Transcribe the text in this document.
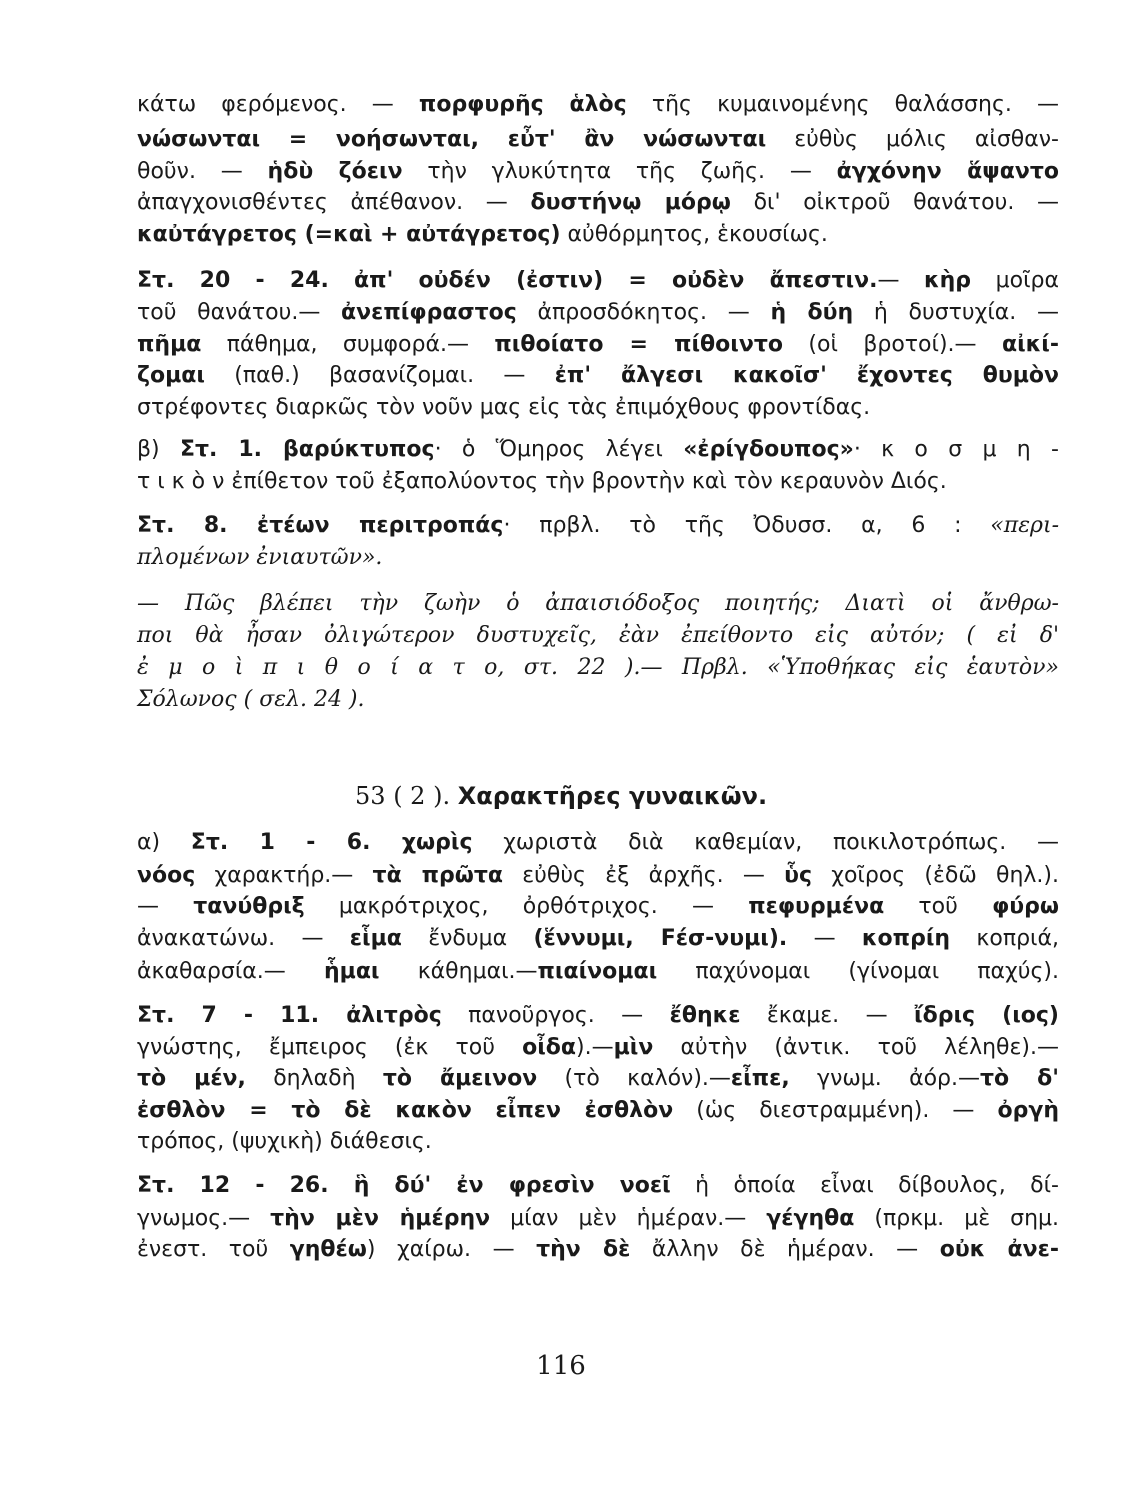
κάτω φερόμενος. — πορφυρῆς ἁλὸς τῆς κυμαινομένης θαλάσσης. —
νώσωνται = νοήσωνται, εὖτ' ἂν νώσωνται εὐθὺς μόλις αἰσθαν-
θοῦν. — ἡδὺ ζόειν τὴν γλυκύτητα τῆς ζωῆς. — ἀγχόνην ἅψαντο
ἀπαγχονισθέντες ἀπέθανον. — δυστήνῳ μόρῳ δι' οἰκτροῦ θανάτου. —
καὐτάγρετος (=καὶ + αὐτάγρετος) αὐθόρμητος, ἑκουσίως.
Στ. 20 - 24. ἀπ' οὐδέν (ἐστιν) = οὐδὲν ἄπεστιν.— κὴρ μοῖρα
τοῦ θανάτου.— ἀνεπίφραστος ἀπροσδόκητος. — ἡ δύη ἡ δυστυχία. —
πῆμα πάθημα, συμφορά.— πιθοίατο = πίθοιντο (οἱ βροτοί).— αἰκί-
ζομαι (παθ.) βασανίζομαι. — ἐπ' ἄλγεσι κακοῖσ' ἔχοντες θυμὸν
στρέφοντες διαρκῶς τὸν νοῦν μας εἰς τὰς ἐπιμόχθους φροντίδας.
β) Στ. 1. βαρύκτυπος· ὁ Ὅμηρος λέγει «ἐρίγδουπος»· κ ο σ μ η -
τ ι κ ὸ ν ἐπίθετον τοῦ ἐξαπολύοντος τὴν βροντὴν καὶ τὸν κεραυνὸν Διός.
Στ. 8. ἐτέων περιτροπάς· πρβλ. τὸ τῆς Ὀδυσσ. α, 6 : «περι-
πλομένων ἐνιαυτῶν».
— Πῶς βλέπει τὴν ζωὴν ὁ ἀπαισιόδοξος ποιητής; Διατὶ οἱ ἄνθρω-
ποι θὰ ἦσαν ὀλιγώτερον δυστυχεῖς, ἐὰν ἐπείθοντο εἰς αὐτόν; ( εἰ δ'
ἐ μ ο ὶ π ι θ ο ί α τ ο, στ. 22 ).— Πρβλ. «Ὑποθήκας εἰς ἑαυτὸν»
Σόλωνος ( σελ. 24 ).
α) Στ. 1 - 6. χωρὶς χωριστὰ διὰ καθεμίαν, ποικιλοτρόπως. —
νόος χαρακτήρ.— τὰ πρῶτα εὐθὺς ἐξ ἀρχῆς. — ὗς χοῖρος (ἐδῶ θηλ.).
— τανύθριξ μακρότριχος, ὀρθότριχος. — πεφυρμένα τοῦ φύρω
ἀνακατώνω. — εἷμα ἔνδυμα (ἕννυμι, Fέσ-νυμι). — κοπρίη κοπριά,
ἀκαθαρσία.— ἧμαι κάθημαι.—πιαίνομαι παχύνομαι (γίνομαι παχύς).
Στ. 7 - 11. ἀλιτρὸς πανοῦργος. — ἔθηκε ἔκαμε. — ἴδρις (ιος)
γνώστης, ἔμπειρος (ἐκ τοῦ οἶδα).—μὶν αὐτὴν (ἀντικ. τοῦ λέληθε).—
τὸ μέν, δηλαδὴ τὸ ἄμεινον (τὸ καλόν).—εἶπε, γνωμ. ἀόρ.—τὸ δ'
ἐσθλὸν = τὸ δὲ κακὸν εἶπεν ἐσθλὸν (ὡς διεστραμμένη). — ὀργὴ
τρόπος, (ψυχικὴ) διάθεσις.
Στ. 12 - 26. ἣ δύ' ἐν φρεσὶν νοεῖ ἡ ὁποία εἶναι δίβουλος, δί-
γνωμος.— τὴν μὲν ἡμέρην μίαν μὲν ἡμέραν.— γέγηθα (πρκμ. μὲ σημ.
ἐνεστ. τοῦ γηθέω) χαίρω. — τὴν δὲ ἄλλην δὲ ἡμέραν. — οὐκ ἀνε-
53 ( 2 ). Χαρακτῆρες γυναικῶν.
116
